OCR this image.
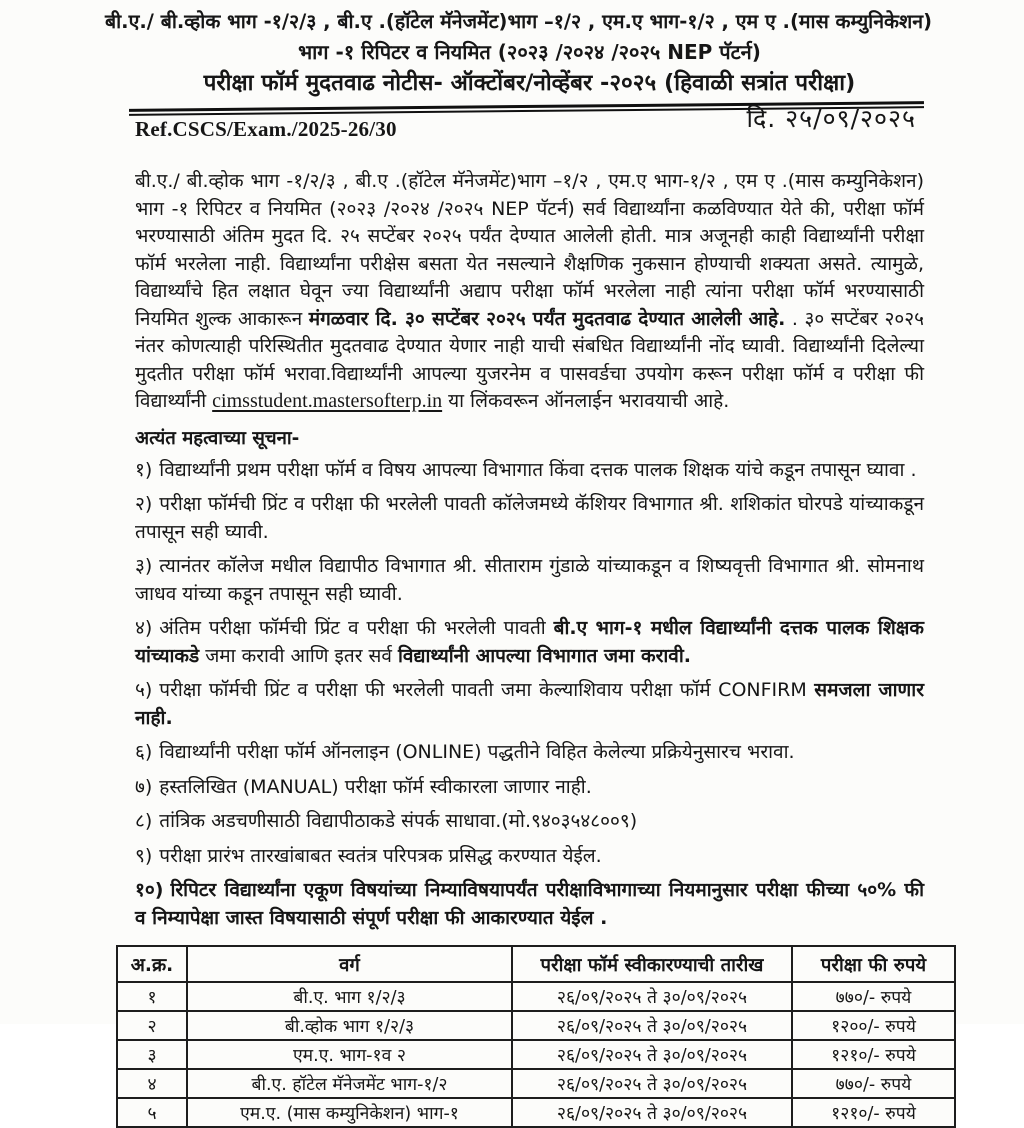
बी.ए./ बी.व्होक भाग -१/२/३ , बी.ए .(हॉटेल मॅनेजमेंट)भाग –१/२ , एम.ए भाग-१/२ , एम ए .(मास कम्युनिकेशन)
भाग -१ रिपिटर व नियमित (२०२३ /२०२४ /२०२५ NEP पॅटर्न)
परीक्षा फॉर्म मुदतवाढ नोटीस- ऑक्टोंबर/नोव्हेंबर -२०२५ (हिवाळी सत्रांत परीक्षा)
Ref.CSCS/Exam./2025-26/30	दि. २५/०९/२०२५

बी.ए./ बी.व्होक भाग -१/२/३ , बी.ए .(हॉटेल मॅनेजमेंट)भाग –१/२ , एम.ए भाग-१/२ , एम ए .(मास कम्युनिकेशन) भाग -१ रिपिटर व नियमित (२०२३ /२०२४ /२०२५ NEP पॅटर्न) सर्व विद्यार्थ्यांना कळविण्यात येते की, परीक्षा फॉर्म भरण्यासाठी अंतिम मुदत दि. २५ सप्टेंबर २०२५ पर्यंत देण्यात आलेली होती. मात्र अजूनही काही विद्यार्थ्यांनी परीक्षा फॉर्म भरलेला नाही. विद्यार्थ्यांना परीक्षेस बसता येत नसल्याने शैक्षणिक नुकसान होण्याची शक्यता असते. त्यामुळे, विद्यार्थ्यांचे हित लक्षात घेवून ज्या विद्यार्थ्यांनी अद्याप परीक्षा फॉर्म भरलेला नाही त्यांना परीक्षा फॉर्म भरण्यासाठी नियमित शुल्क आकारून मंगळवार दि. ३० सप्टेंबर २०२५ पर्यंत मुदतवाढ देण्यात आलेली आहे. . ३० सप्टेंबर २०२५ नंतर कोणत्याही परिस्थितीत मुदतवाढ देण्यात येणार नाही याची संबधित विद्यार्थ्यांनी नोंद घ्यावी. विद्यार्थ्यांनी दिलेल्या मुदतीत परीक्षा फॉर्म भरावा.विद्यार्थ्यांनी आपल्या युजरनेम व पासवर्डचा उपयोग करून परीक्षा फॉर्म व परीक्षा फी विद्यार्थ्यांनी cimsstudent.mastersofterp.in या लिंकवरून ऑनलाईन भरावयाची आहे.

अत्यंत महत्वाच्या सूचना-
१) विद्यार्थ्यांनी प्रथम परीक्षा फॉर्म व विषय आपल्या विभागात किंवा दत्तक पालक शिक्षक यांचे कडून तपासून घ्यावा .
२) परीक्षा फॉर्मची प्रिंट व परीक्षा फी भरलेली पावती कॉलेजमध्ये कॅशियर विभागात श्री. शशिकांत घोरपडे यांच्याकडून तपासून सही घ्यावी.
३) त्यानंतर कॉलेज मधील विद्यापीठ विभागात श्री. सीताराम गुंडाळे यांच्याकडून व शिष्यवृत्ती विभागात श्री. सोमनाथ जाधव यांच्या कडून तपासून सही घ्यावी.
४) अंतिम परीक्षा फॉर्मची प्रिंट व परीक्षा फी भरलेली पावती बी.ए भाग-१ मधील विद्यार्थ्यांनी दत्तक पालक शिक्षक यांच्याकडे जमा करावी आणि इतर सर्व विद्यार्थ्यांनी आपल्या विभागात जमा करावी.
५) परीक्षा फॉर्मची प्रिंट व परीक्षा फी भरलेली पावती जमा केल्याशिवाय परीक्षा फॉर्म CONFIRM समजला जाणार नाही.
६) विद्यार्थ्यांनी परीक्षा फॉर्म ऑनलाइन (ONLINE) पद्धतीने विहित केलेल्या प्रक्रियेनुसारच भरावा.
७) हस्तलिखित (MANUAL) परीक्षा फॉर्म स्वीकारला जाणार नाही.
८) तांत्रिक अडचणीसाठी विद्यापीठाकडे संपर्क साधावा.(मो.९४०३५४८००९)
९) परीक्षा प्रारंभ तारखांबाबत स्वतंत्र परिपत्रक प्रसिद्ध करण्यात येईल.
१०) रिपिटर विद्यार्थ्यांना एकूण विषयांच्या निम्याविषयापर्यंत परीक्षाविभागाच्या नियमानुसार परीक्षा फीच्या ५०% फी व निम्यापेक्षा जास्त विषयासाठी संपूर्ण परीक्षा फी आकारण्यात येईल .
अ.क्र.	वर्ग	परीक्षा फॉर्म स्वीकारण्याची तारीख	परीक्षा फी रुपये
१	बी.ए. भाग १/२/३	२६/०९/२०२५ ते ३०/०९/२०२५	७७०/- रुपये
२	बी.व्होक भाग १/२/३	२६/०९/२०२५ ते ३०/०९/२०२५	१२००/- रुपये
३	एम.ए. भाग-१व २	२६/०९/२०२५ ते ३०/०९/२०२५	१२१०/- रुपये
४	बी.ए. हॉटेल मॅनेजमेंट भाग-१/२	२६/०९/२०२५ ते ३०/०९/२०२५	७७०/- रुपये
५	एम.ए. (मास कम्युनिकेशन) भाग-१	२६/०९/२०२५ ते ३०/०९/२०२५	१२१०/- रुपये
